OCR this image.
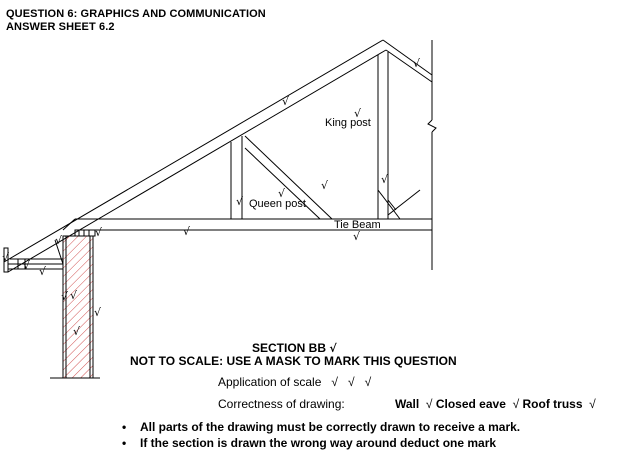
QUESTION 6: GRAPHICS AND COMMUNICATION
ANSWER SHEET 6.2
King post
Queen post
Tie Beam
√
√
√
√
√
√	√
√	√
√
√
√
√ √
√ √
√
√
SECTION BB √
NOT TO SCALE: USE A MASK TO MARK THIS QUESTION
Application of scale √ √ √
Correctness of drawing:	Wall √ Closed eave √ Roof truss √
• All parts of the drawing must be correctly drawn to receive a mark.
• If the section is drawn the wrong way around deduct one mark
